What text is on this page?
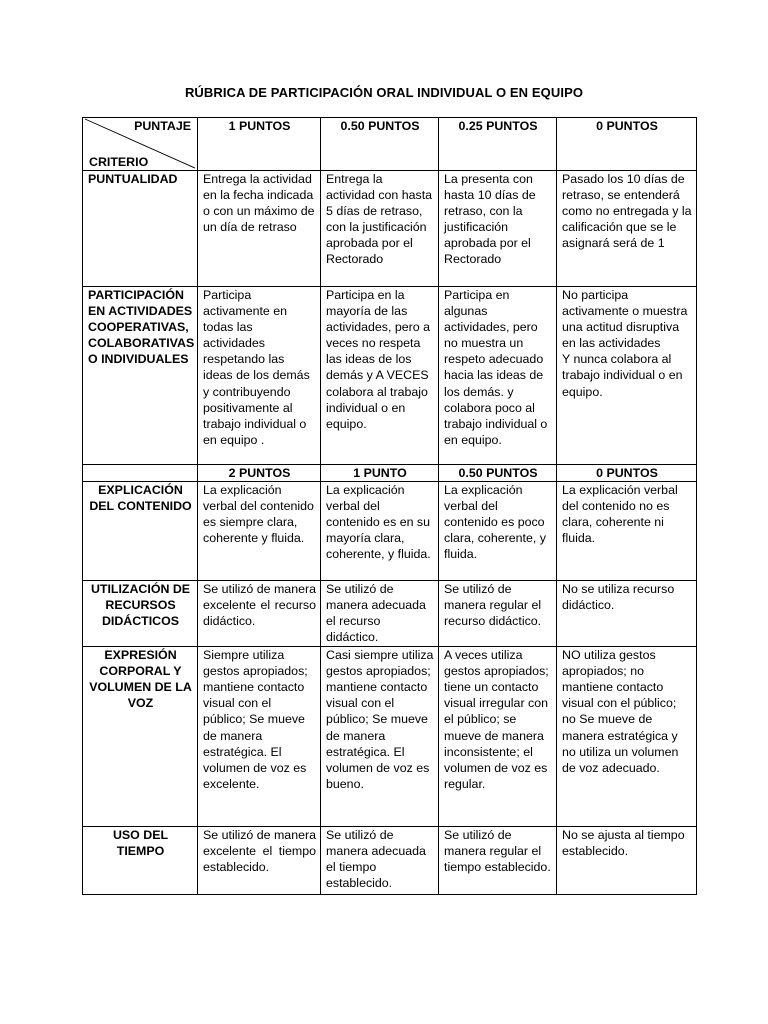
RÚBRICA DE PARTICIPACIÓN ORAL INDIVIDUAL O EN EQUIPO
PUNTAJE
CRITERIO	1 PUNTOS	0.50 PUNTOS	0.25 PUNTOS	0 PUNTOS
PUNTUALIDAD	Entrega la actividad en la fecha indicada o con un máximo de un día de retraso	Entrega la actividad con hasta 5 días de retraso, con la justificación aprobada por el Rectorado	La presenta con hasta 10 días de retraso, con la justificación aprobada por el Rectorado	Pasado los 10 días de retraso, se entenderá como no entregada y la calificación que se le asignará será de 1
PARTICIPACIÓN EN ACTIVIDADES COOPERATIVAS, COLABORATIVAS O INDIVIDUALES	Participa activamente en todas las actividades respetando las ideas de los demás y contribuyendo positivamente al trabajo individual o en equipo .	Participa en la mayoría de las actividades, pero a veces no respeta las ideas de los demás y A VECES colabora al trabajo individual o en equipo.	Participa en algunas actividades, pero no muestra un respeto adecuado hacia las ideas de los demás. y colabora poco al trabajo individual o en equipo.	No participa activamente o muestra una actitud disruptiva en las actividades
Y nunca colabora al trabajo individual o en equipo.
	2 PUNTOS	1 PUNTO	0.50 PUNTOS	0 PUNTOS
EXPLICACIÓN DEL CONTENIDO	La explicación verbal del contenido es siempre clara, coherente y fluida.	La explicación verbal del contenido es en su mayoría clara, coherente, y fluida.	La explicación verbal del contenido es poco clara, coherente, y fluida.	La explicación verbal del contenido no es clara, coherente ni fluida.
UTILIZACIÓN DE RECURSOS DIDÁCTICOS	Se utilizó de manera excelente el recurso didáctico.	Se utilizó de manera adecuada el recurso didáctico.	Se utilizó de manera regular el recurso didáctico.	No se utiliza recurso didáctico.
EXPRESIÓN CORPORAL Y VOLUMEN DE LA VOZ	Siempre utiliza gestos apropiados; mantiene contacto visual con el público; Se mueve de manera estratégica. El volumen de voz es excelente.	Casi siempre utiliza gestos apropiados; mantiene contacto visual con el público; Se mueve de manera estratégica. El volumen de voz es bueno.	A veces utiliza gestos apropiados; tiene un contacto visual irregular con el público; se mueve de manera inconsistente; el volumen de voz es regular.	NO utiliza gestos apropiados; no mantiene contacto visual con el público; no Se mueve de manera estratégica y no utiliza un volumen de voz adecuado.
USO DEL TIEMPO	Se utilizó de manera excelente el tiempo establecido.	Se utilizó de manera adecuada el tiempo establecido.	Se utilizó de manera regular el tiempo establecido.	No se ajusta al tiempo establecido.
